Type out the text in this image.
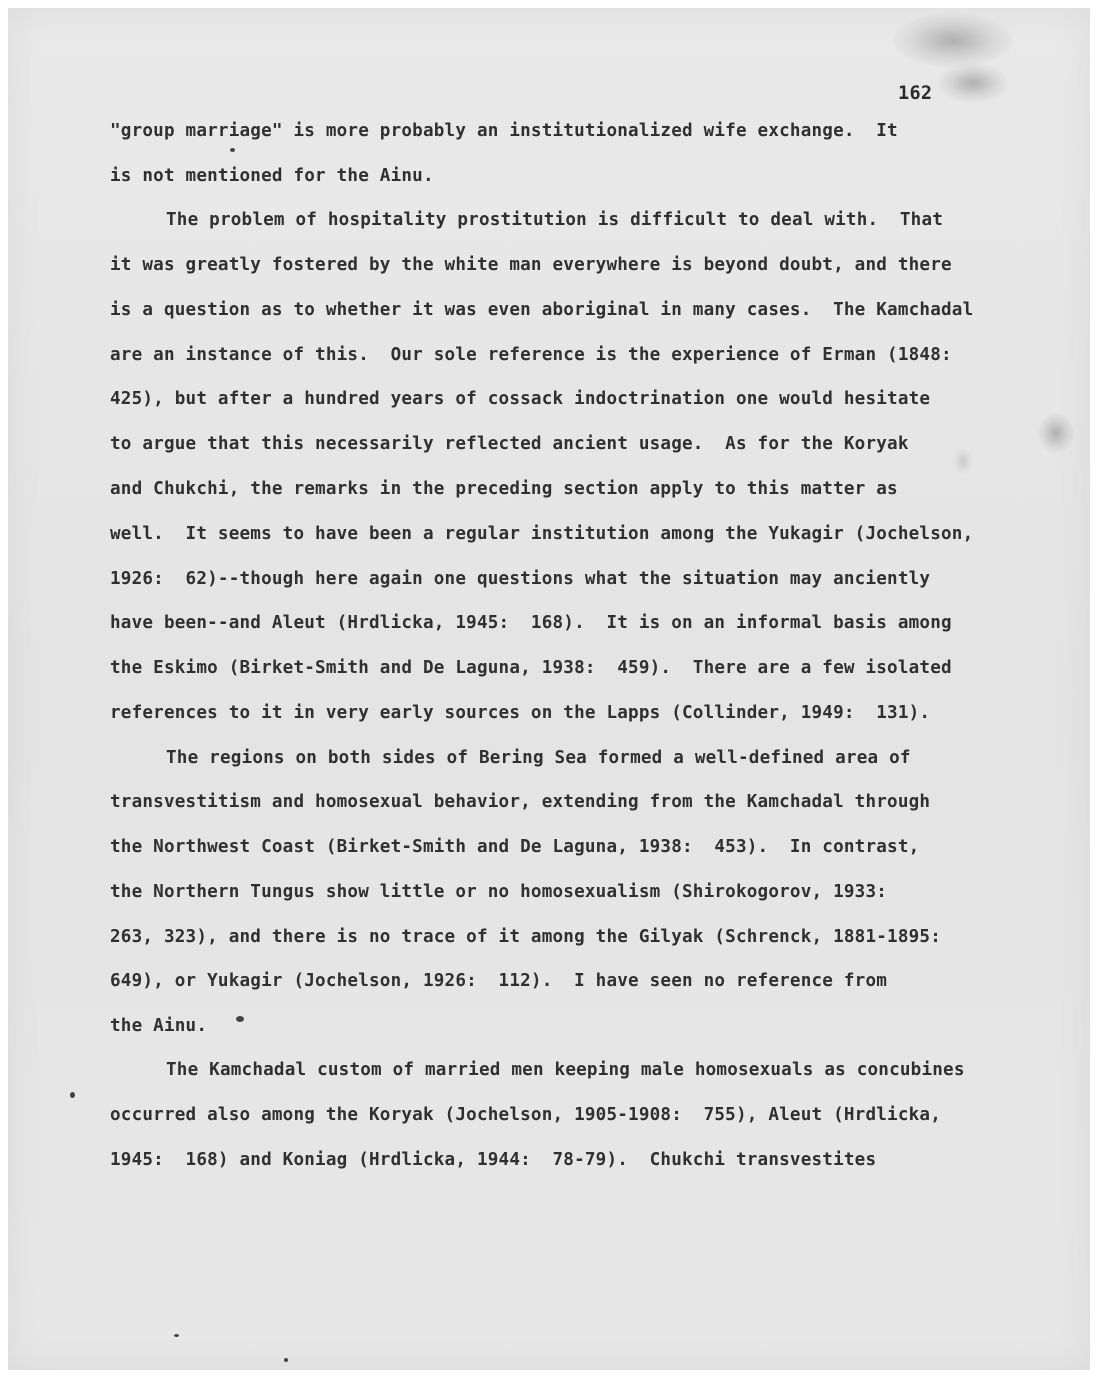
162
"group marriage" is more probably an institutionalized wife exchange.  It
is not mentioned for the Ainu.
The problem of hospitality prostitution is difficult to deal with.  That
it was greatly fostered by the white man everywhere is beyond doubt, and there
is a question as to whether it was even aboriginal in many cases.  The Kamchadal
are an instance of this.  Our sole reference is the experience of Erman (1848:
425), but after a hundred years of cossack indoctrination one would hesitate
to argue that this necessarily reflected ancient usage.  As for the Koryak
and Chukchi, the remarks in the preceding section apply to this matter as
well.  It seems to have been a regular institution among the Yukagir (Jochelson,
1926:  62)--though here again one questions what the situation may anciently
have been--and Aleut (Hrdlicka, 1945:  168).  It is on an informal basis among
the Eskimo (Birket-Smith and De Laguna, 1938:  459).  There are a few isolated
references to it in very early sources on the Lapps (Collinder, 1949:  131).
The regions on both sides of Bering Sea formed a well-defined area of
transvestitism and homosexual behavior, extending from the Kamchadal through
the Northwest Coast (Birket-Smith and De Laguna, 1938:  453).  In contrast,
the Northern Tungus show little or no homosexualism (Shirokogorov, 1933:
263, 323), and there is no trace of it among the Gilyak (Schrenck, 1881-1895:
649), or Yukagir (Jochelson, 1926:  112).  I have seen no reference from
the Ainu.
The Kamchadal custom of married men keeping male homosexuals as concubines
occurred also among the Koryak (Jochelson, 1905-1908:  755), Aleut (Hrdlicka,
1945:  168) and Koniag (Hrdlicka, 1944:  78-79).  Chukchi transvestites
